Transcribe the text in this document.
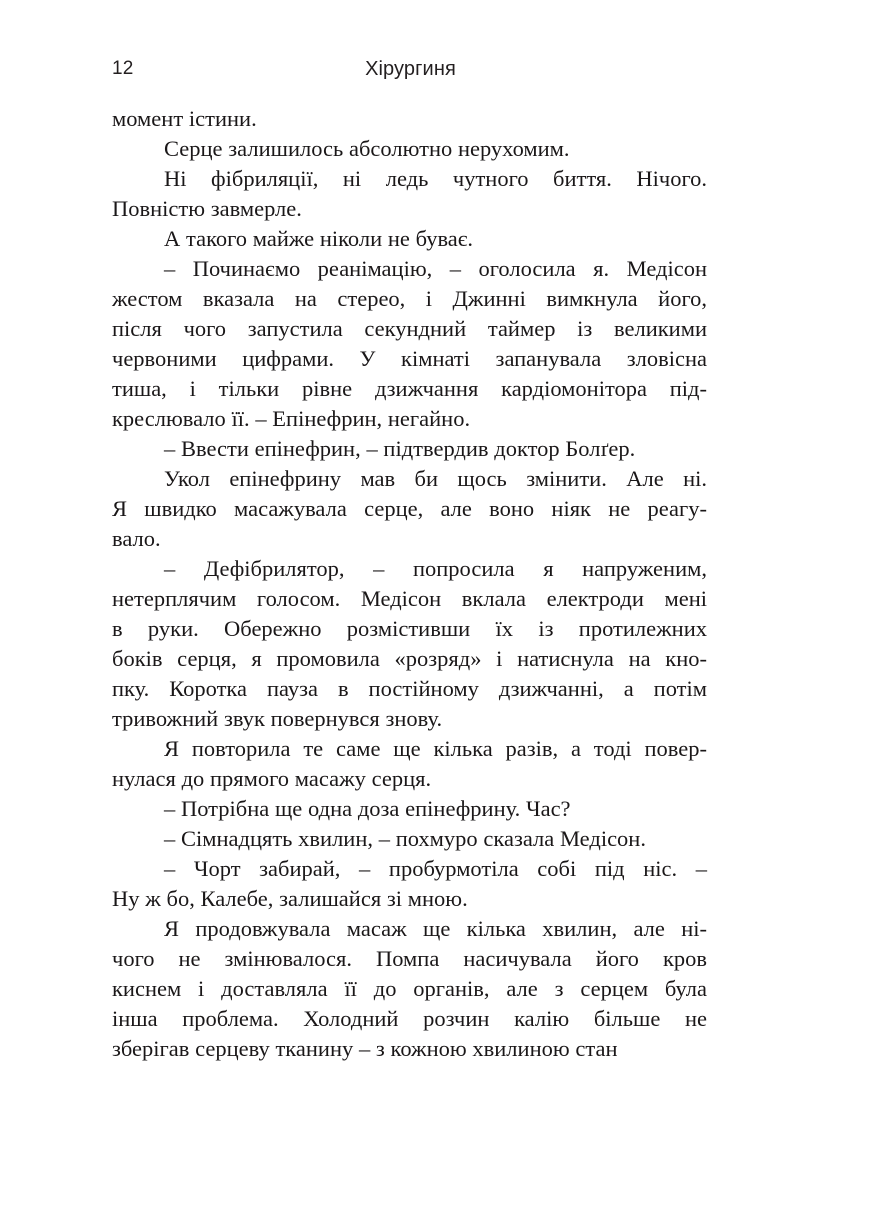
12	Хірургиня

момент істини.

Серце залишилось абсолютно нерухомим.

Ні фібриляції, ні ледь чутного биття. Нічого.
Повністю завмерле.

А такого майже ніколи не буває.

– Починаємо реанімацію, – оголосила я. Медісон
жестом вказала на стерео, і Джинні вимкнула його,
після чого запустила секундний таймер із великими
червоними цифрами. У кімнаті запанувала зловісна
тиша, і тільки рівне дзижчання кардіомонітора під-
креслювало її. – Епінефрин, негайно.

– Ввести епінефрин, – підтвердив доктор Болґер.

Укол епінефрину мав би щось змінити. Але ні.
Я швидко масажувала серце, але воно ніяк не реагу-
вало.

– Дефібрилятор, – попросила я напруженим,
нетерплячим голосом. Медісон вклала електроди мені
в руки. Обережно розмістивши їх із протилежних
боків серця, я промовила «розряд» і натиснула на кно-
пку. Коротка пауза в постійному дзижчанні, а потім
тривожний звук повернувся знову.

Я повторила те саме ще кілька разів, а тоді повер-
нулася до прямого масажу серця.

– Потрібна ще одна доза епінефрину. Час?

– Сімнадцять хвилин, – похмуро сказала Медісон.

– Чорт забирай, – пробурмотіла собі під ніс. –
Ну ж бо, Калебе, залишайся зі мною.

Я продовжувала масаж ще кілька хвилин, але ні-
чого не змінювалося. Помпа насичувала його кров
киснем і доставляла її до органів, але з серцем була
інша проблема. Холодний розчин калію більше не
зберігав серцеву тканину – з кожною хвилиною стан
